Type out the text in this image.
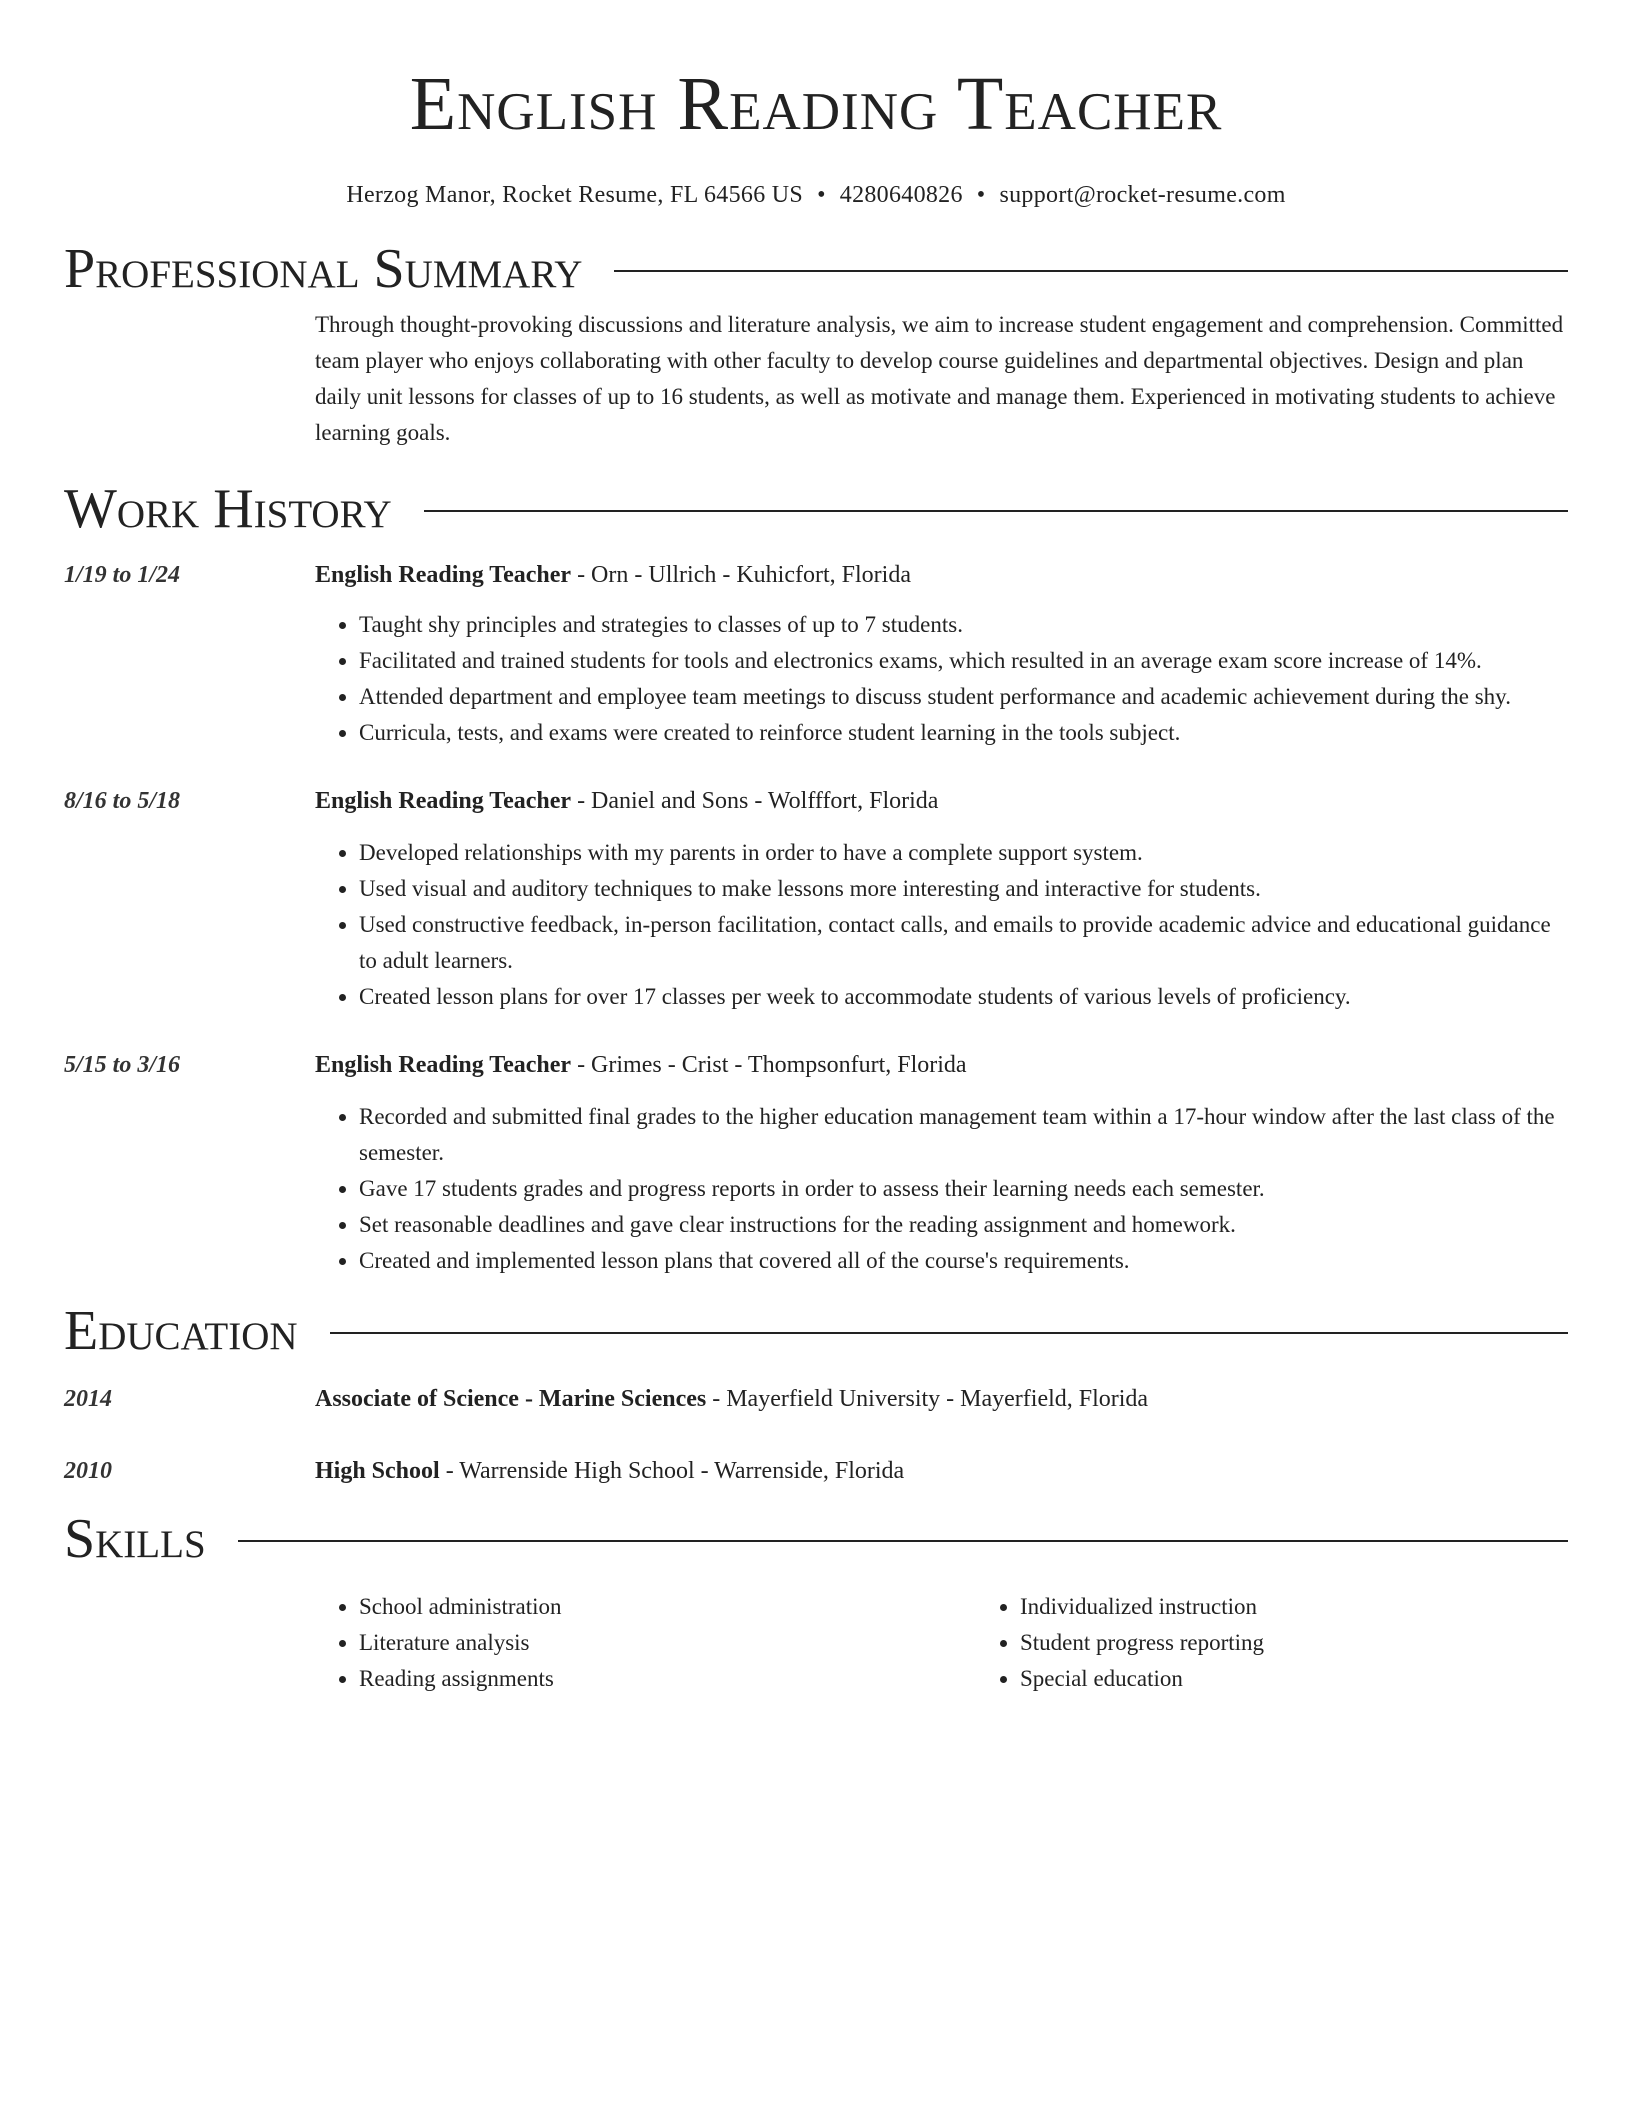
English Reading Teacher
Herzog Manor, Rocket Resume, FL 64566 US • 4280640826 • support@rocket-resume.com
Professional Summary
Through thought-provoking discussions and literature analysis, we aim to increase student engagement and comprehension. Committed team player who enjoys collaborating with other faculty to develop course guidelines and departmental objectives. Design and plan daily unit lessons for classes of up to 16 students, as well as motivate and manage them. Experienced in motivating students to achieve learning goals.
Work History
1/19 to 1/24	English Reading Teacher - Orn - Ullrich - Kuhicfort, Florida
• Taught shy principles and strategies to classes of up to 7 students.
• Facilitated and trained students for tools and electronics exams, which resulted in an average exam score increase of 14%.
• Attended department and employee team meetings to discuss student performance and academic achievement during the shy.
• Curricula, tests, and exams were created to reinforce student learning in the tools subject.
8/16 to 5/18	English Reading Teacher - Daniel and Sons - Wolfffort, Florida
• Developed relationships with my parents in order to have a complete support system.
• Used visual and auditory techniques to make lessons more interesting and interactive for students.
• Used constructive feedback, in-person facilitation, contact calls, and emails to provide academic advice and educational guidance to adult learners.
• Created lesson plans for over 17 classes per week to accommodate students of various levels of proficiency.
5/15 to 3/16	English Reading Teacher - Grimes - Crist - Thompsonfurt, Florida
• Recorded and submitted final grades to the higher education management team within a 17-hour window after the last class of the semester.
• Gave 17 students grades and progress reports in order to assess their learning needs each semester.
• Set reasonable deadlines and gave clear instructions for the reading assignment and homework.
• Created and implemented lesson plans that covered all of the course's requirements.
Education
2014	Associate of Science - Marine Sciences - Mayerfield University - Mayerfield, Florida
2010	High School - Warrenside High School - Warrenside, Florida
Skills
• School administration
• Literature analysis
• Reading assignments
• Individualized instruction
• Student progress reporting
• Special education
